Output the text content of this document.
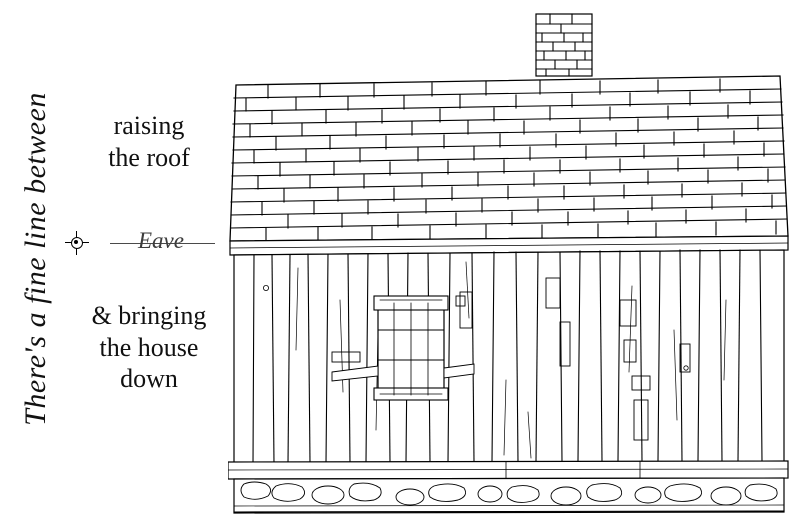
There's a fine line between	raising
the roof
& bringing
the house
down
Eave
